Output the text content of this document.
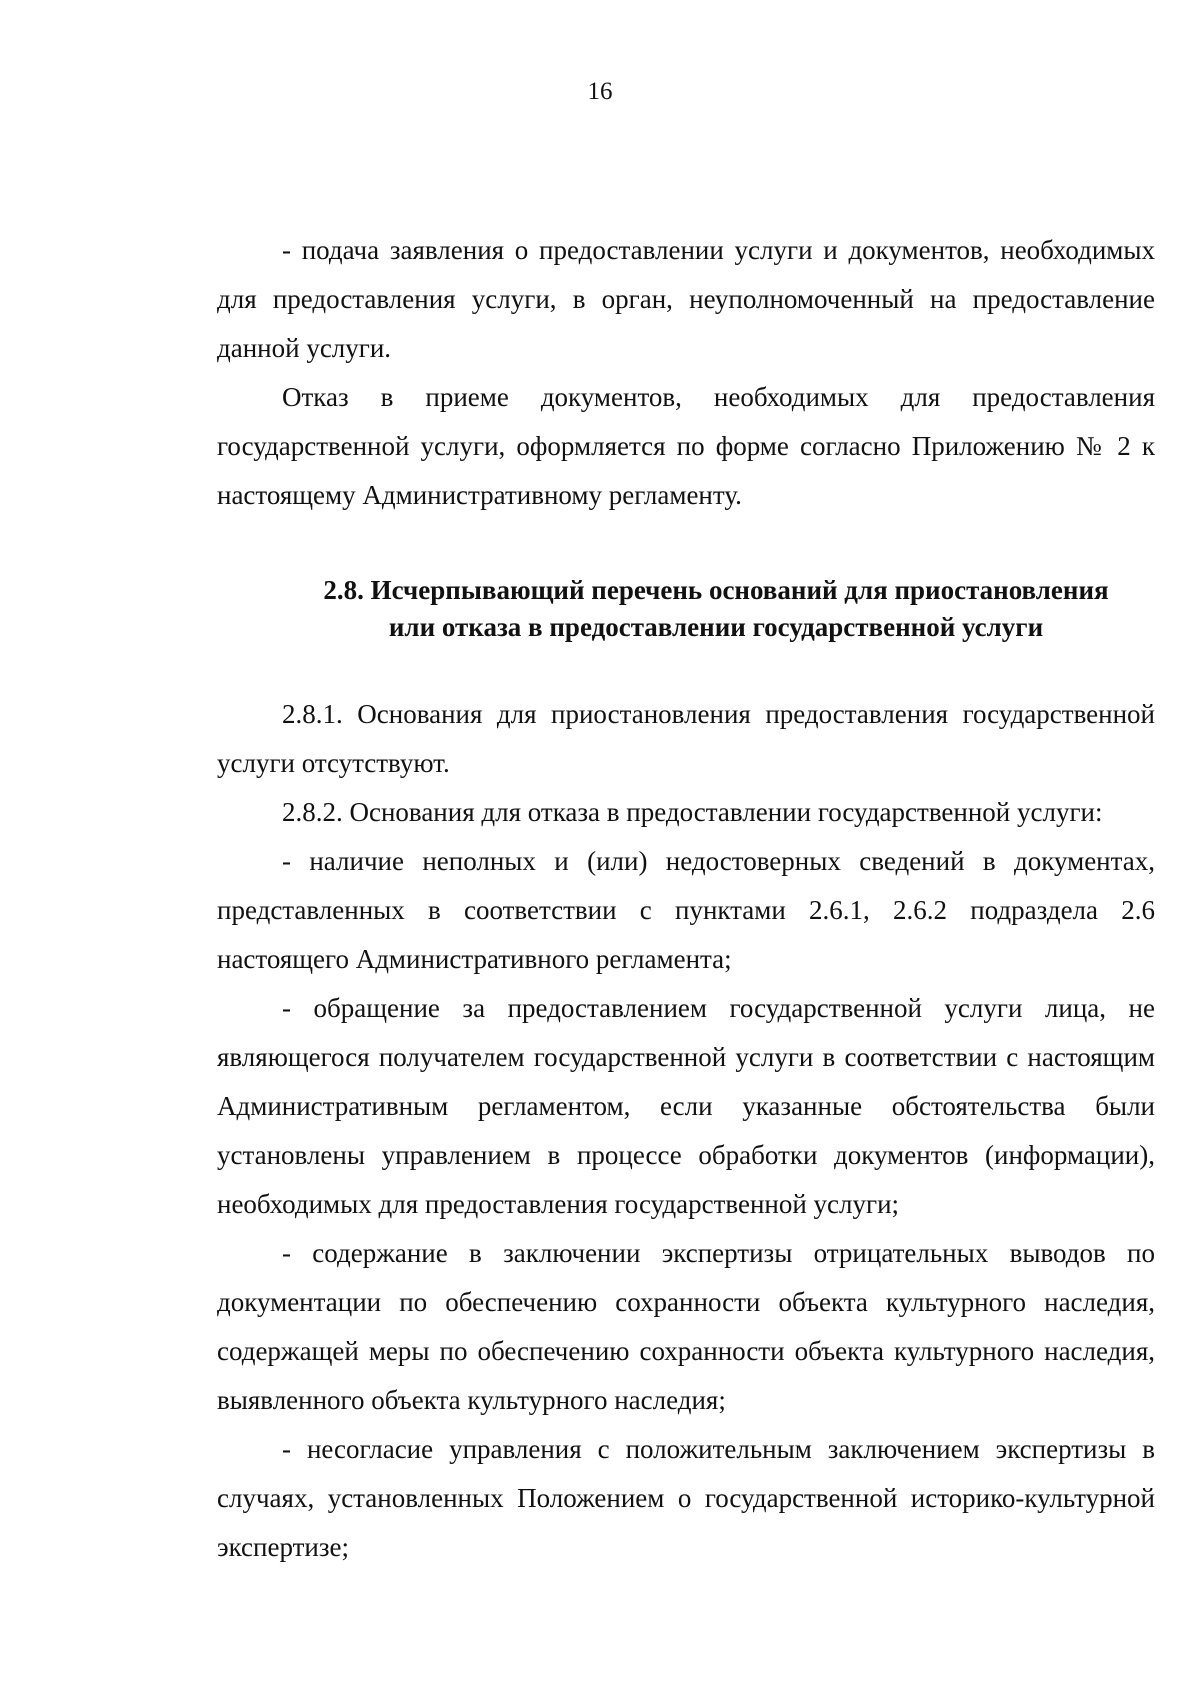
16

- подача заявления о предоставлении услуги и документов, необходимых для предоставления услуги, в орган, неуполномоченный на предоставление данной услуги.

Отказ в приеме документов, необходимых для предоставления государственной услуги, оформляется по форме согласно Приложению № 2 к настоящему Административному регламенту.

2.8. Исчерпывающий перечень оснований для приостановления
или отказа в предоставлении государственной услуги

2.8.1. Основания для приостановления предоставления государственной услуги отсутствуют.

2.8.2. Основания для отказа в предоставлении государственной услуги:

- наличие неполных и (или) недостоверных сведений в документах, представленных в соответствии с пунктами 2.6.1, 2.6.2 подраздела 2.6 настоящего Административного регламента;

- обращение за предоставлением государственной услуги лица, не являющегося получателем государственной услуги в соответствии с настоящим Административным регламентом, если указанные обстоятельства были установлены управлением в процессе обработки документов (информации), необходимых для предоставления государственной услуги;

- содержание в заключении экспертизы отрицательных выводов по документации по обеспечению сохранности объекта культурного наследия, содержащей меры по обеспечению сохранности объекта культурного наследия, выявленного объекта культурного наследия;

- несогласие управления с положительным заключением экспертизы в случаях, установленных Положением о государственной историко-культурной экспертизе;
